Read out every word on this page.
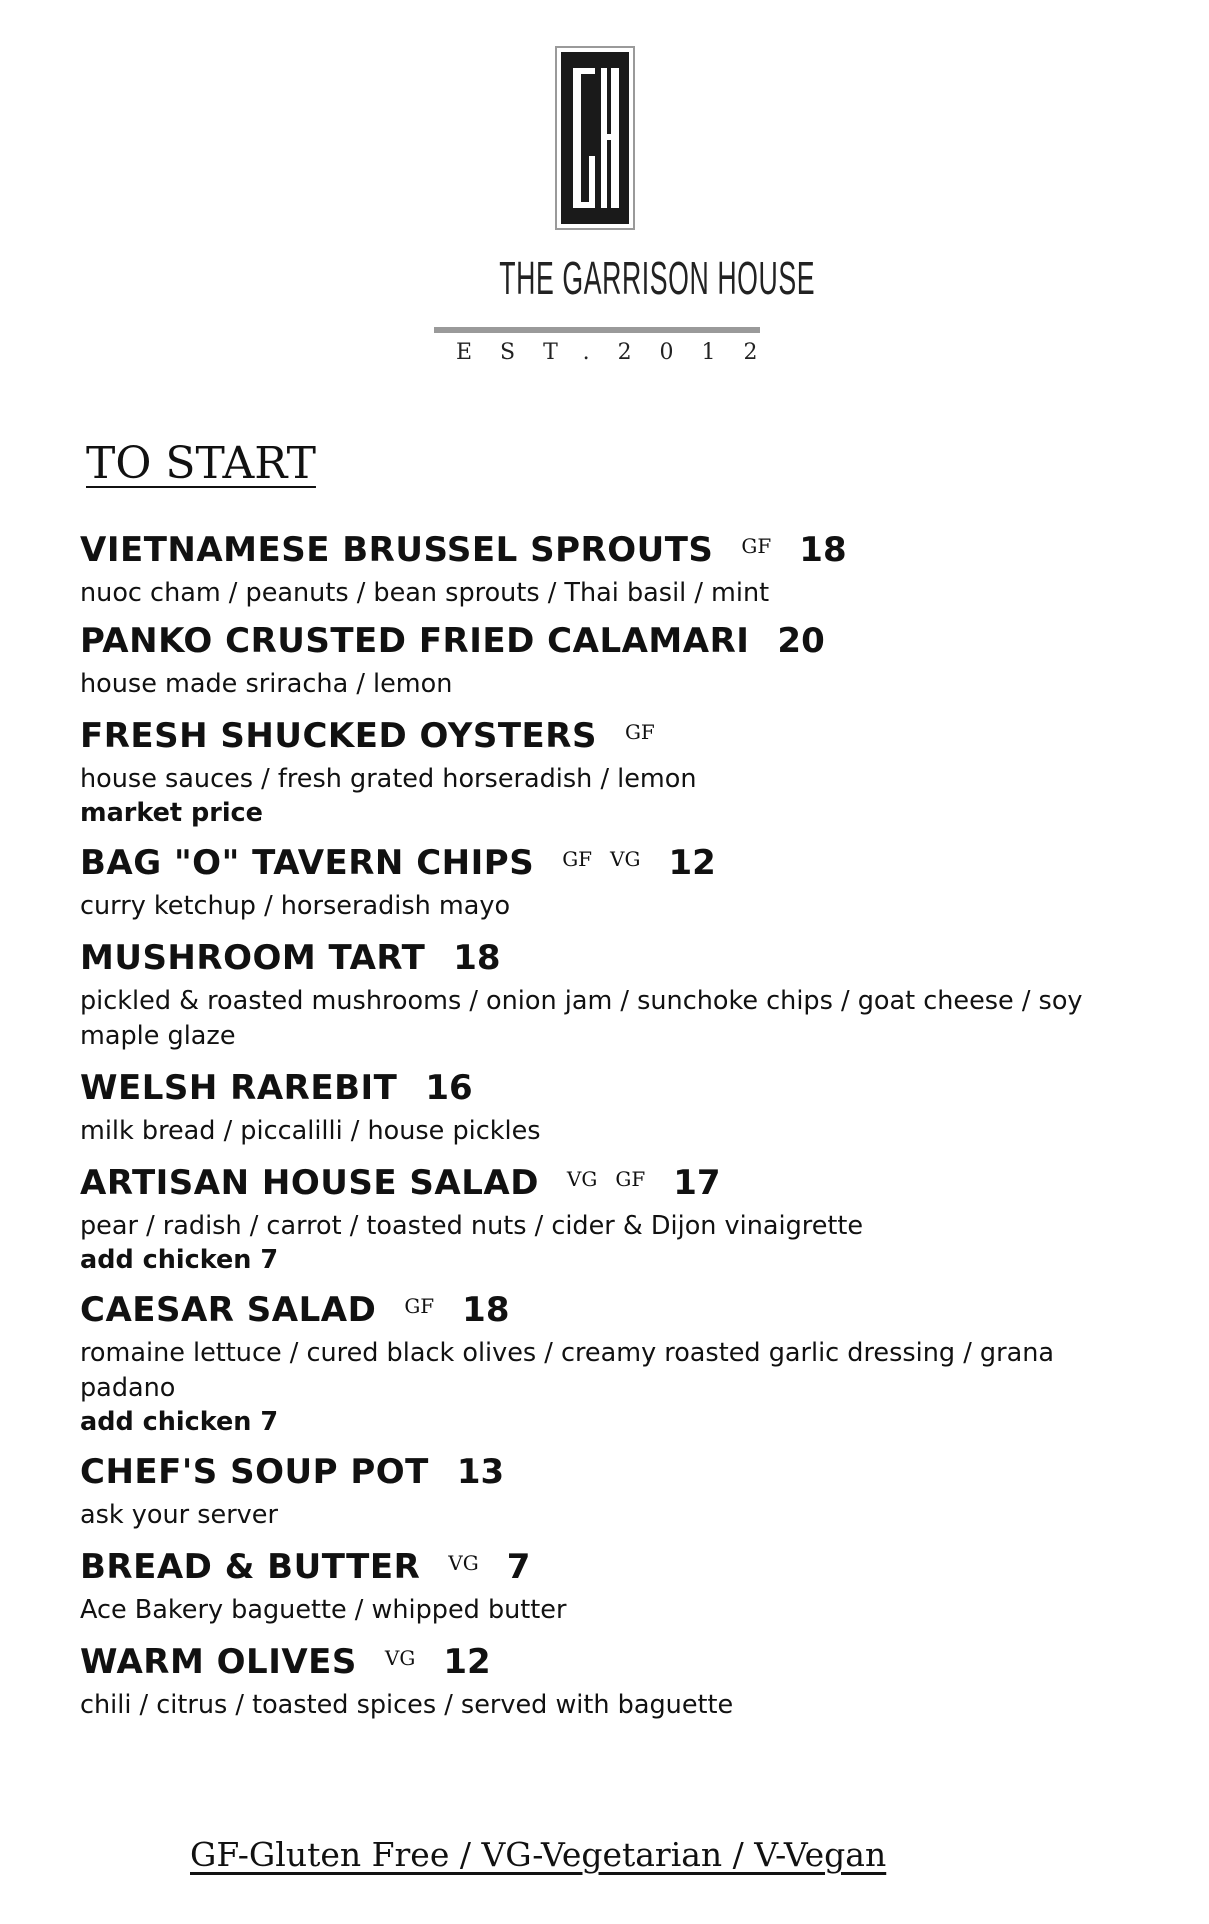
THE GARRISON HOUSE
EST.2012
TO START
VIETNAMESE BRUSSEL SPROUTS GF 18
nuoc cham / peanuts / bean sprouts / Thai basil / mint
PANKO CRUSTED FRIED CALAMARI 20
house made sriracha / lemon
FRESH SHUCKED OYSTERS GF
house sauces / fresh grated horseradish / lemon
market price
BAG "O" TAVERN CHIPS GF VG 12
curry ketchup / horseradish mayo
MUSHROOM TART 18
pickled & roasted mushrooms / onion jam / sunchoke chips / goat cheese / soy maple glaze
WELSH RAREBIT 16
milk bread / piccalilli / house pickles
ARTISAN HOUSE SALAD VG GF 17
pear / radish / carrot / toasted nuts / cider & Dijon vinaigrette
add chicken 7
CAESAR SALAD GF 18
romaine lettuce / cured black olives / creamy roasted garlic dressing / grana padano
add chicken 7
CHEF'S SOUP POT 13
ask your server
BREAD & BUTTER VG 7
Ace Bakery baguette / whipped butter
WARM OLIVES VG 12
chili / citrus / toasted spices / served with baguette
GF-Gluten Free / VG-Vegetarian / V-Vegan
